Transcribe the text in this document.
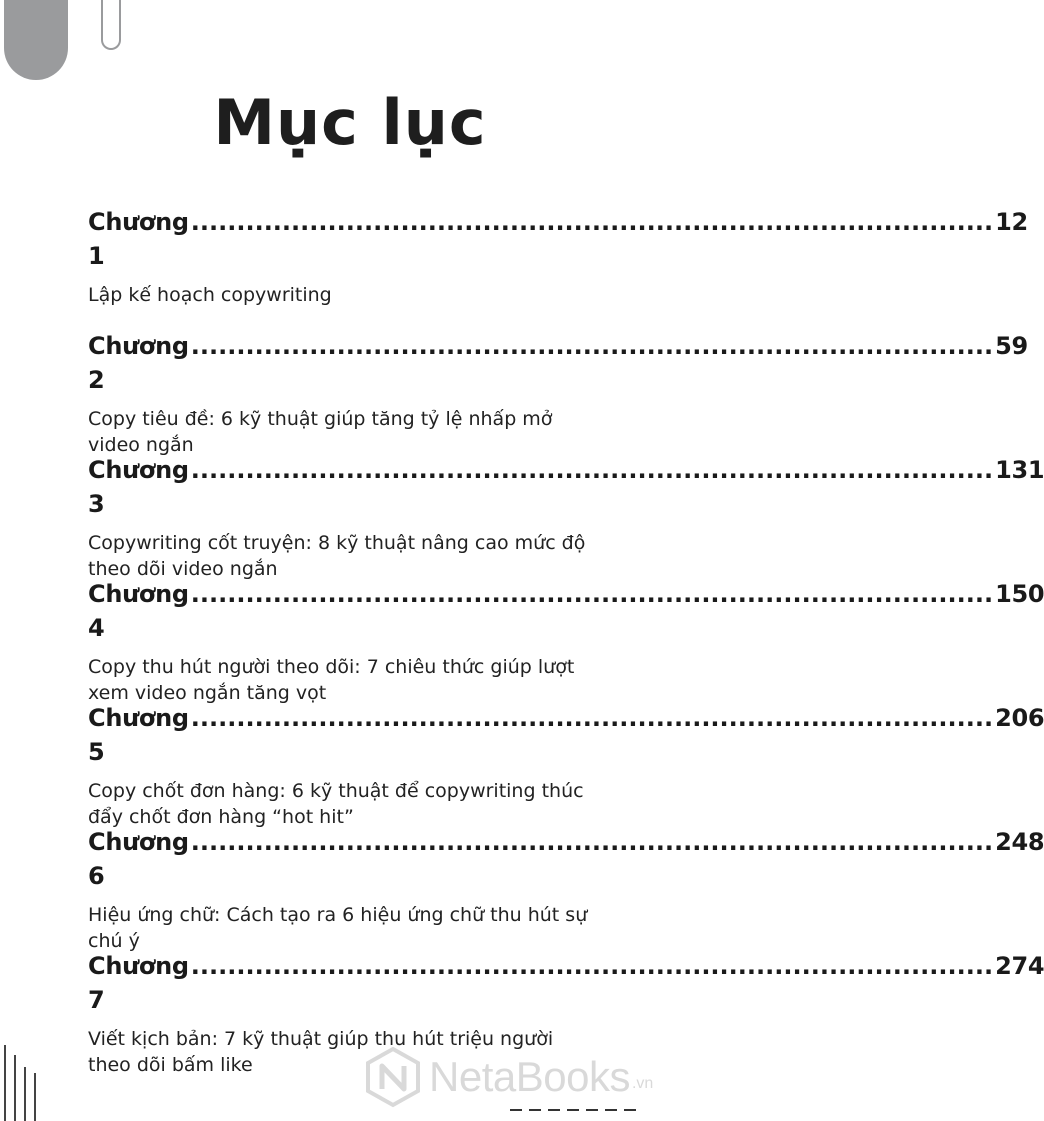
Mục lục
Chương 1
........................................................................................ 12
Lập kế hoạch copywriting
Chương 2
........................................................................................ 59
Copy tiêu đề: 6 kỹ thuật giúp tăng tỷ lệ nhấp mở video ngắn
Chương 3
........................................................................................ 131
Copywriting cốt truyện: 8 kỹ thuật nâng cao mức độ theo dõi video ngắn
Chương 4
........................................................................................ 150
Copy thu hút người theo dõi: 7 chiêu thức giúp lượt xem video ngắn tăng vọt
Chương 5
........................................................................................ 206
Copy chốt đơn hàng: 6 kỹ thuật để copywriting thúc đẩy chốt đơn hàng “hot hit”
Chương 6
........................................................................................ 248
Hiệu ứng chữ: Cách tạo ra 6 hiệu ứng chữ thu hút sự chú ý
Chương 7
........................................................................................ 274
Viết kịch bản: 7 kỹ thuật giúp thu hút triệu người theo dõi bấm like	NetaBooks .vn
